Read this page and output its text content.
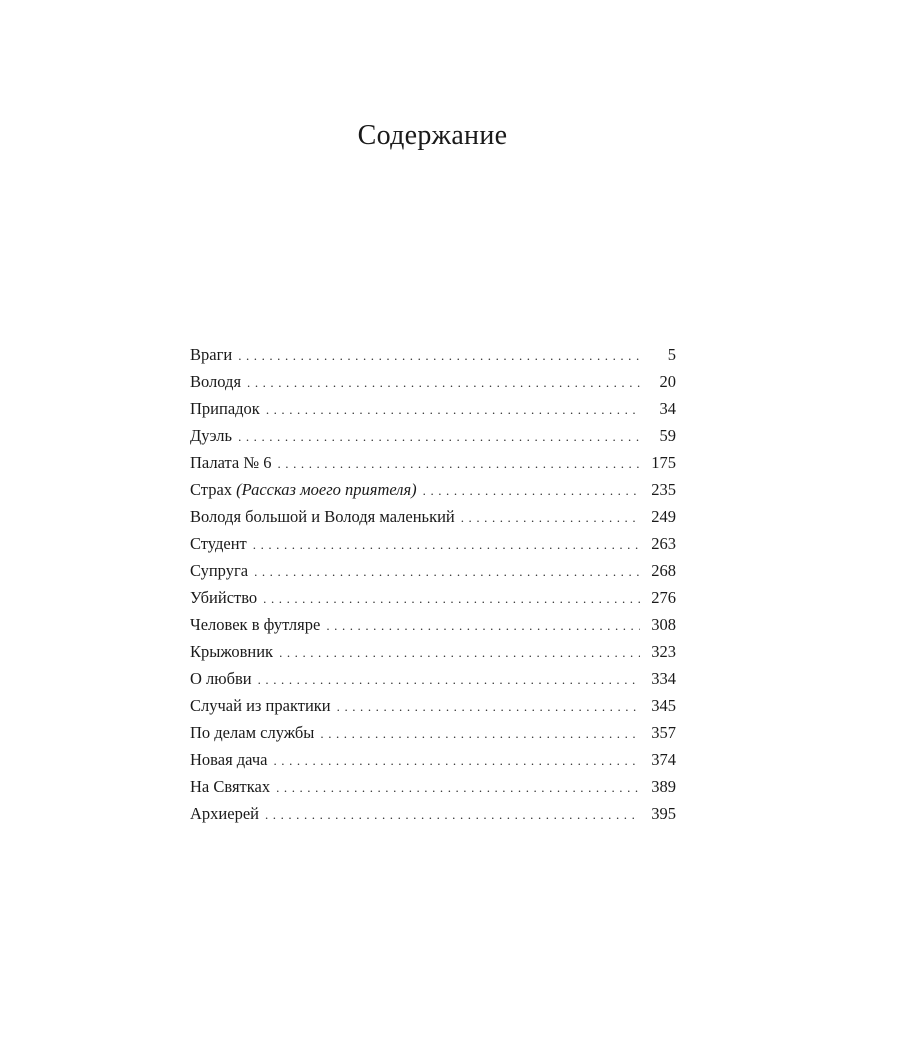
Содержание
Враги . . .	5
Володя . . .	20
Припадок . . .	34
Дуэль . . .	59
Палата № 6 . . .	175
Страх (Рассказ моего приятеля) . . .	235
Володя большой и Володя маленький . . .	249
Студент . . .	263
Супруга . . .	268
Убийство . . .	276
Человек в футляре . . .	308
Крыжовник . . .	323
О любви . . .	334
Случай из практики . . .	345
По делам службы . . .	357
Новая дача . . .	374
На Святках . . .	389
Архиерей . . .	395
